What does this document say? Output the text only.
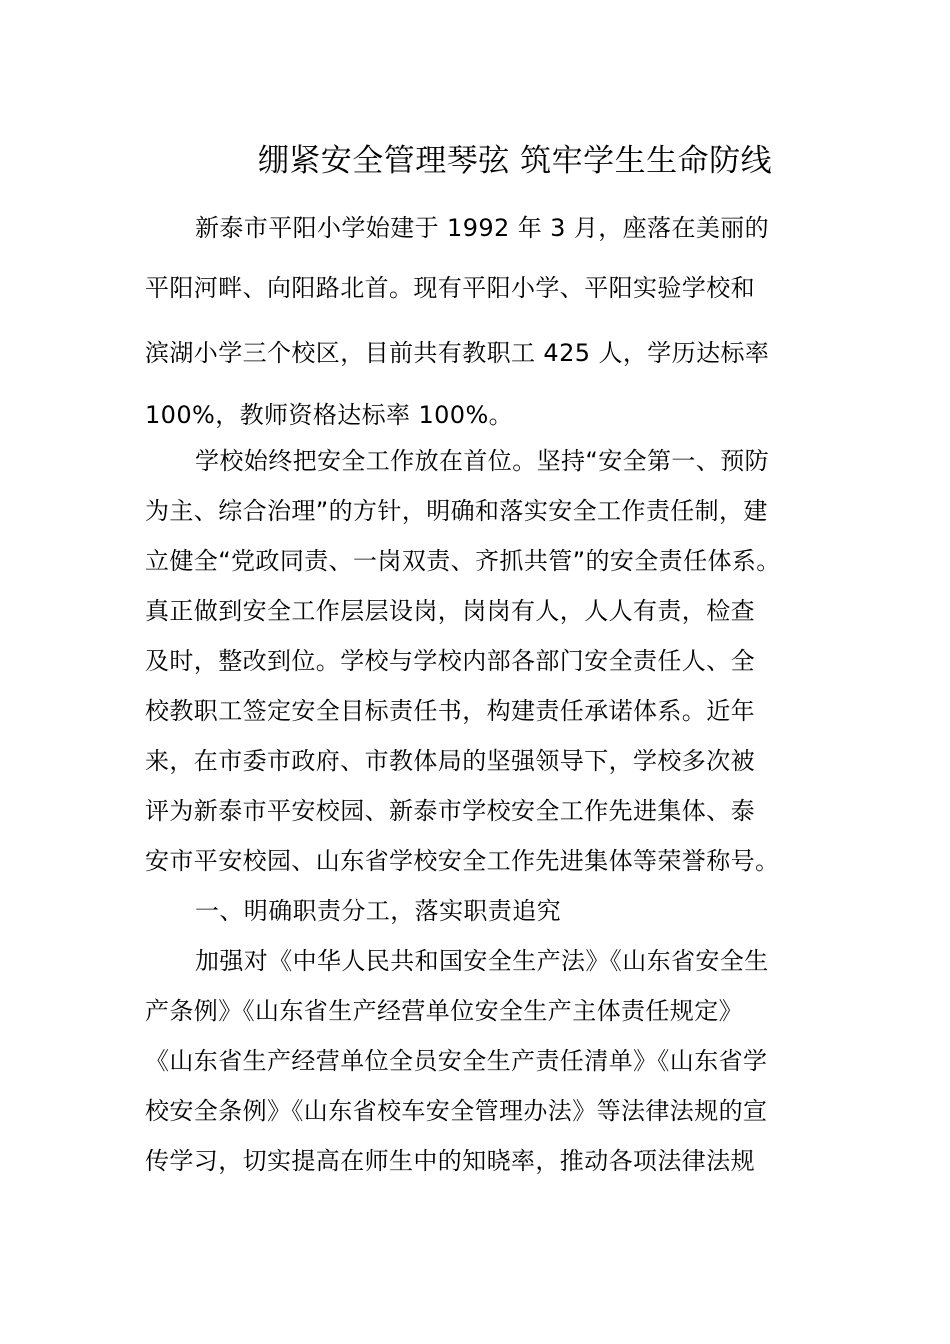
绷紧安全管理琴弦 筑牢学生生命防线
新泰市平阳小学始建于 1992 年 3 月，座落在美丽的
平阳河畔、向阳路北首。现有平阳小学、平阳实验学校和
滨湖小学三个校区，目前共有教职工 425 人，学历达标率
100%，教师资格达标率 100%。
学校始终把安全工作放在首位。坚持“安全第一、预防
为主、综合治理”的方针，明确和落实安全工作责任制，建
立健全“党政同责、一岗双责、齐抓共管”的安全责任体系。
真正做到安全工作层层设岗，岗岗有人，人人有责，检查
及时，整改到位。学校与学校内部各部门安全责任人、全
校教职工签定安全目标责任书，构建责任承诺体系。近年
来，在市委市政府、市教体局的坚强领导下，学校多次被
评为新泰市平安校园、新泰市学校安全工作先进集体、泰
安市平安校园、山东省学校安全工作先进集体等荣誉称号。
一、明确职责分工，落实职责追究
加强对《中华人民共和国安全生产法》《山东省安全生
产条例》《山东省生产经营单位安全生产主体责任规定》
《山东省生产经营单位全员安全生产责任清单》《山东省学
校安全条例》《山东省校车安全管理办法》等法律法规的宣
传学习，切实提高在师生中的知晓率，推动各项法律法规
